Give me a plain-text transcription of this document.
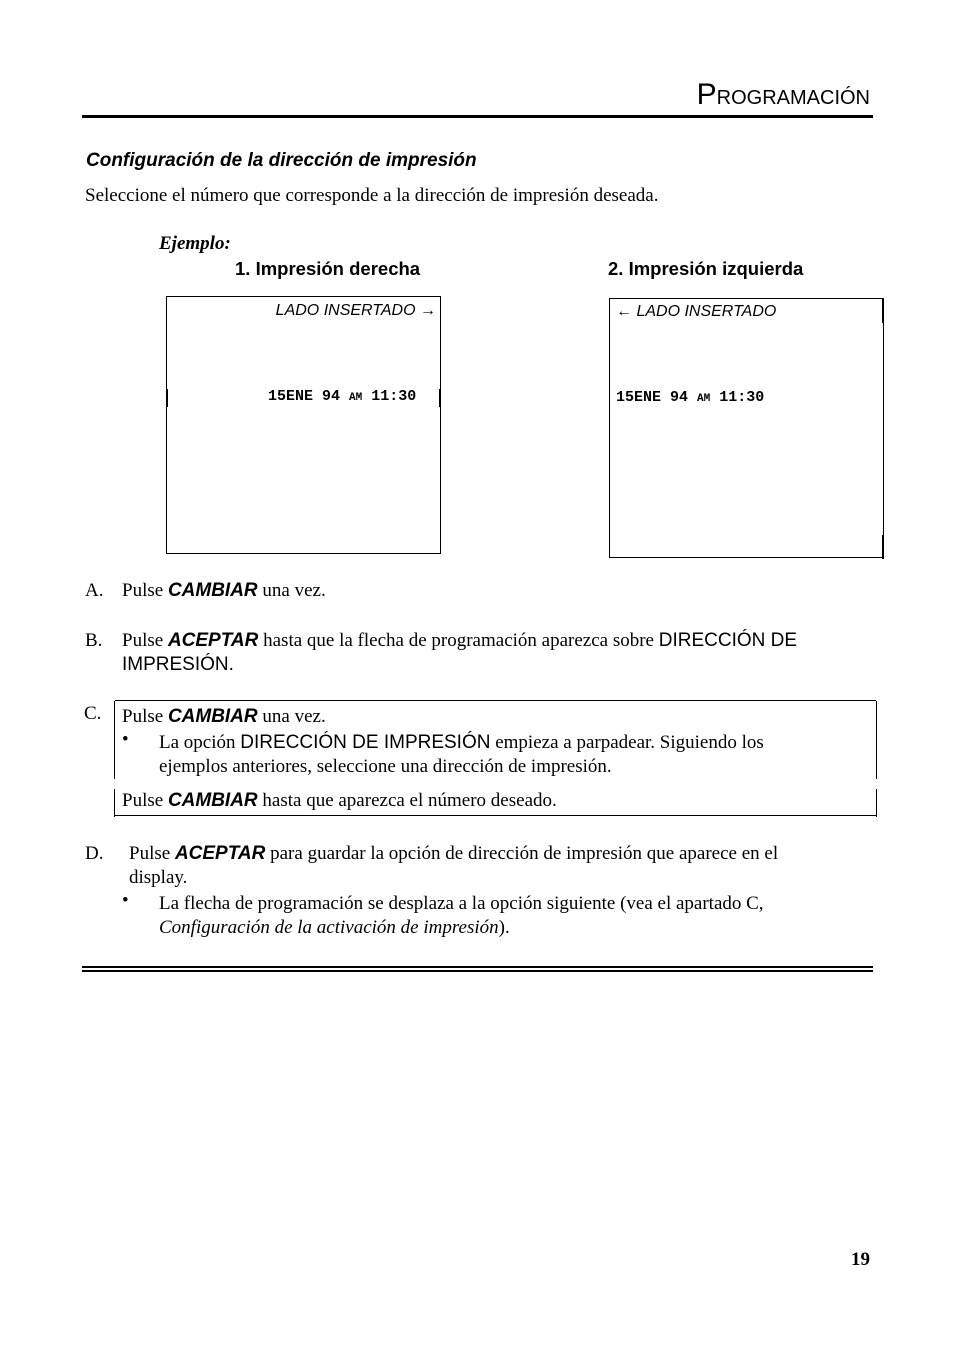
PROGRAMACIÓN
Configuración de la dirección de impresión
Seleccione el número que corresponde a la dirección de impresión deseada.
Ejemplo:
1. Impresión derecha	2. Impresión izquierda
LADO INSERTADO →
15ENE 94 AM 11:30
← LADO INSERTADO
15ENE 94 AM 11:30
A. Pulse CAMBIAR una vez.
B. Pulse ACEPTAR hasta que la flecha de programación aparezca sobre DIRECCIÓN DE
IMPRESIÓN.
C. Pulse CAMBIAR una vez.
• La opción DIRECCIÓN DE IMPRESIÓN empieza a parpadear. Siguiendo los
ejemplos anteriores, seleccione una dirección de impresión.
Pulse CAMBIAR hasta que aparezca el número deseado.
D. Pulse ACEPTAR para guardar la opción de dirección de impresión que aparece en el
display.
• La flecha de programación se desplaza a la opción siguiente (vea el apartado C,
Configuración de la activación de impresión).
19
